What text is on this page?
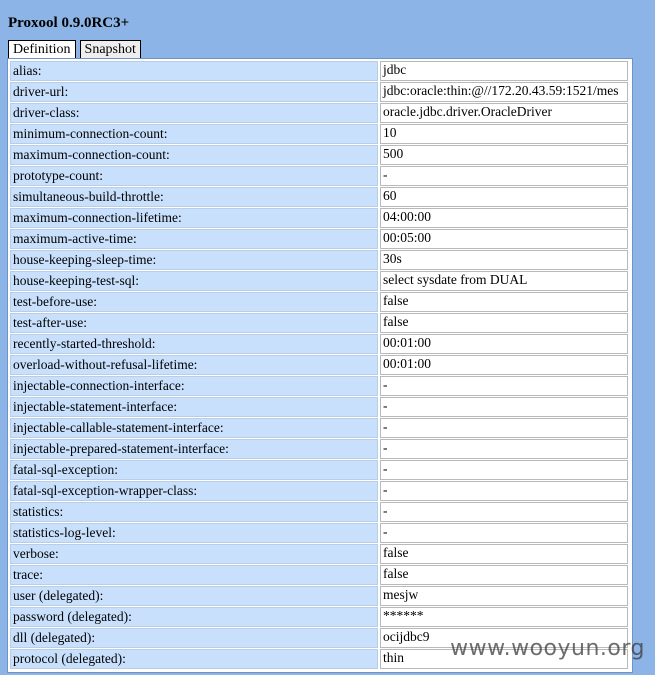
Proxool 0.9.0RC3+
Definition	Snapshot
alias:	jdbc
driver-url:	jdbc:oracle:thin:@//172.20.43.59:1521/mes
driver-class:	oracle.jdbc.driver.OracleDriver
minimum-connection-count:	10
maximum-connection-count:	500
prototype-count:	-
simultaneous-build-throttle:	60
maximum-connection-lifetime:	04:00:00
maximum-active-time:	00:05:00
house-keeping-sleep-time:	30s
house-keeping-test-sql:	select sysdate from DUAL
test-before-use:	false
test-after-use:	false
recently-started-threshold:	00:01:00
overload-without-refusal-lifetime:	00:01:00
injectable-connection-interface:	-
injectable-statement-interface:	-
injectable-callable-statement-interface:	-
injectable-prepared-statement-interface:	-
fatal-sql-exception:	-
fatal-sql-exception-wrapper-class:	-
statistics:	-
statistics-log-level:	-
verbose:	false
trace:	false
user (delegated):	mesjw
password (delegated):	******
dll (delegated):	ocijdbc9
protocol (delegated):	thin	www.wooyun.org
